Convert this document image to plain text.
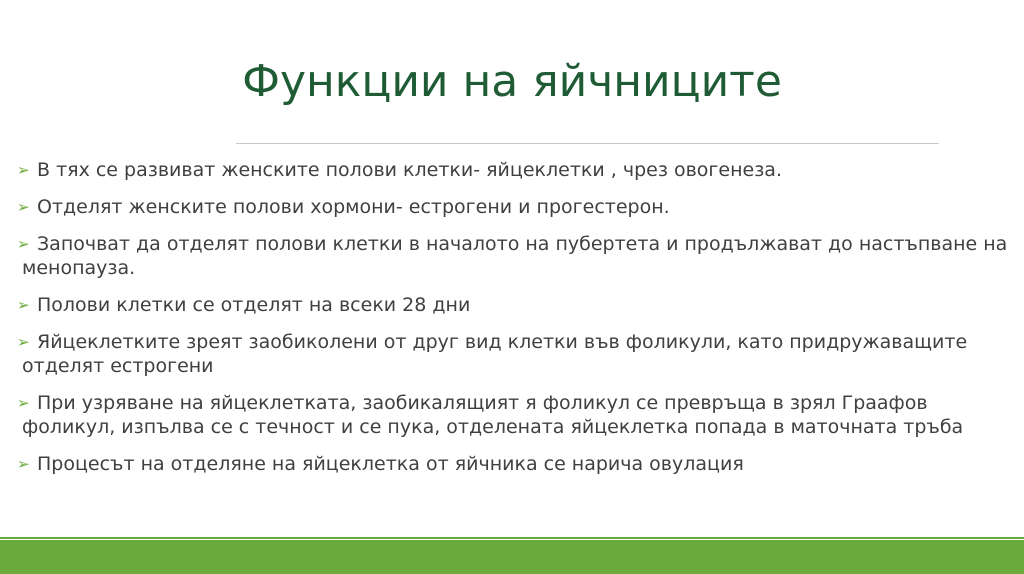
Функции на яйчниците
➢ В тях се развиват женските полови клетки- яйцеклетки , чрез овогенеза.
➢ Отделят женските полови хормони- естрогени и прогестерон.
➢ Започват да отделят полови клетки в началото на пубертета и продължават до настъпване на менопауза.
➢ Полови клетки се отделят на всеки 28 дни
➢ Яйцеклетките зреят заобиколени от друг вид клетки във фоликули, като придружаващите отделят естрогени
➢ При узряване на яйцеклетката, заобикалящият я фоликул се превръща в зрял Граафов фоликул, изпълва се с течност и се пука, отделената яйцеклетка попада в маточната тръба
➢ Процесът на отделяне на яйцеклетка от яйчника се нарича овулация
